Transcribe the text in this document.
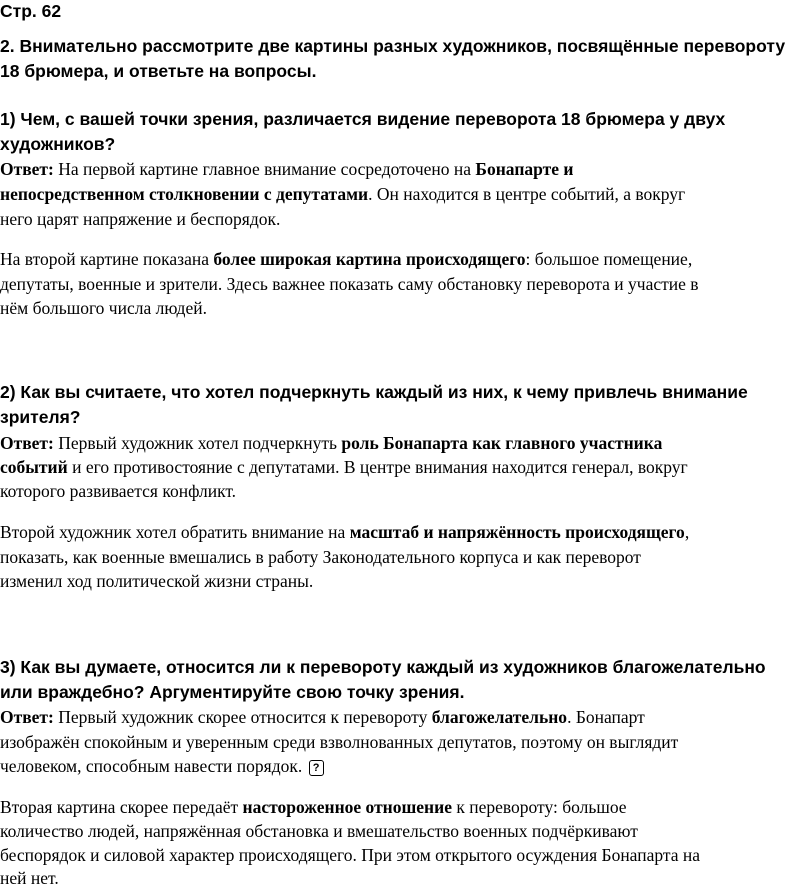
Стр. 62
2. Внимательно рассмотрите две картины разных художников, посвящённые перевороту 18 брюмера, и ответьте на вопросы.
1) Чем, с вашей точки зрения, различается видение переворота 18 брюмера у двух художников?
Ответ: На первой картине главное внимание сосредоточено на Бонапарте и
непосредственном столкновении с депутатами. Он находится в центре событий, а вокруг
него царят напряжение и беспорядок.
На второй картине показана более широкая картина происходящего: большое помещение,
депутаты, военные и зрители. Здесь важнее показать саму обстановку переворота и участие в
нём большого числа людей.
2) Как вы считаете, что хотел подчеркнуть каждый из них, к чему привлечь внимание зрителя?
Ответ: Первый художник хотел подчеркнуть роль Бонапарта как главного участника
событий и его противостояние с депутатами. В центре внимания находится генерал, вокруг
которого развивается конфликт.
Второй художник хотел обратить внимание на масштаб и напряжённость происходящего,
показать, как военные вмешались в работу Законодательного корпуса и как переворот
изменил ход политической жизни страны.
3) Как вы думаете, относится ли к перевороту каждый из художников благожелательно или враждебно? Аргументируйте свою точку зрения.
Ответ: Первый художник скорее относится к перевороту благожелательно. Бонапарт
изображён спокойным и уверенным среди взволнованных депутатов, поэтому он выглядит
человеком, способным навести порядок. ?
Вторая картина скорее передаёт настороженное отношение к перевороту: большое
количество людей, напряжённая обстановка и вмешательство военных подчёркивают
беспорядок и силовой характер происходящего. При этом открытого осуждения Бонапарта на
ней нет.
